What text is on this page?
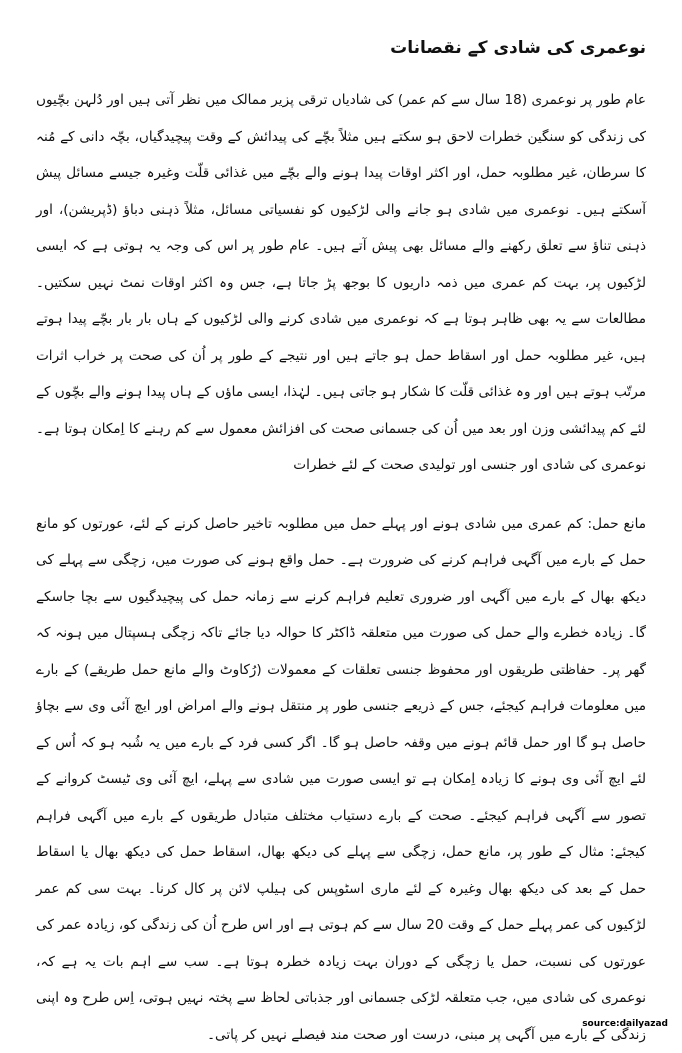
نوعمری کی شادی کے نقصانات

عام طور پر نوعمری (18 سال سے کم عمر) کی شادیاں ترقی پزیر ممالک میں نظر آتی ہیں اور دُلہن بچّیوں کی زندگی کو سنگین خطرات لاحق ہو سکتے ہیں مثلاً بچّے کی پیدائش کے وقت پیچیدگیاں، بچّہ دانی کے مُنہ کا سرطان، غیر مطلوبہ حمل، اور اکثر اوقات پیدا ہونے والے بچّے میں غذائی قلّت وغیرہ جیسے مسائل پیش آسکتے ہیں۔ نوعمری میں شادی ہو جانے والی لڑکیوں کو نفسیاتی مسائل، مثلاً ذہنی دباؤ (ڈپریشن)، اور ذہنی تناؤ سے تعلق رکھنے والے مسائل بھی پیش آتے ہیں۔ عام طور پر اس کی وجہ یہ ہوتی ہے کہ ایسی لڑکیوں پر، بہت کم عمری میں ذمہ داریوں کا بوجھ پڑ جاتا ہے، جس وہ اکثر اوقات نمٹ نہیں سکتیں۔ مطالعات سے یہ بھی ظاہر ہوتا ہے کہ نوعمری میں شادی کرنے والی لڑکیوں کے ہاں بار بار بچّے پیدا ہوتے ہیں، غیر مطلوبہ حمل اور اسقاط حمل ہو جاتے ہیں اور نتیجے کے طور پر اُن کی صحت پر خراب اثرات مرتّب ہوتے ہیں اور وہ غذائی قلّت کا شکار ہو جاتی ہیں۔ لہٰذا، ایسی ماؤں کے ہاں پیدا ہونے والے بچّوں کے لئے کم پیدائشی وزن اور بعد میں اُن کی جسمانی صحت کی افزائش معمول سے کم رہنے کا اِمکان ہوتا ہے۔ نوعمری کی شادی اور جنسی اور تولیدی صحت کے لئے خطرات

مانع حمل: کم عمری میں شادی ہونے اور پہلے حمل میں مطلوبہ تاخیر حاصل کرنے کے لئے، عورتوں کو مانع حمل کے بارے میں آگہی فراہم کرنے کی ضرورت ہے۔ حمل واقع ہونے کی صورت میں، زچگی سے پہلے کی دیکھ بھال کے بارے میں آگہی اور ضروری تعلیم فراہم کرنے سے زمانہ حمل کی پیچیدگیوں سے بچا جاسکے گا۔ زیادہ خطرے والے حمل کی صورت میں متعلقہ ڈاکٹر کا حوالہ دیا جائے تاکہ زچگی ہسپتال میں ہونہ کہ گھر پر۔ حفاظتی طریقوں اور محفوظ جنسی تعلقات کے معمولات (رُکاوٹ والے مانع حمل طریقے) کے بارے میں معلومات فراہم کیجئے، جس کے ذریعے جنسی طور پر منتقل ہونے والے امراض اور ایچ آئی وی سے بچاؤ حاصل ہو گا اور حمل قائم ہونے میں وقفہ حاصل ہو گا۔ اگر کسی فرد کے بارے میں یہ شُبہ ہو کہ اُس کے لئے ایچ آئی وی ہونے کا زیادہ اِمکان ہے تو ایسی صورت میں شادی سے پہلے، ایچ آئی وی ٹیسٹ کروانے کے تصور سے آگہی فراہم کیجئے۔ صحت کے بارے دستیاب مختلف متبادل طریقوں کے بارے میں آگہی فراہم کیجئے: مثال کے طور پر، مانع حمل، زچگی سے پہلے کی دیکھ بھال، اسقاط حمل کی دیکھ بھال یا اسقاط حمل کے بعد کی دیکھ بھال وغیرہ کے لئے ماری اسٹوپس کی ہیلپ لائن پر کال کرنا۔ بہت سی کم عمر لڑکیوں کی عمر پہلے حمل کے وقت 20 سال سے کم ہوتی ہے اور اس طرح اُن کی زندگی کو، زیادہ عمر کی عورتوں کی نسبت، حمل یا زچگی کے دوران بہت زیادہ خطرہ ہوتا ہے۔ سب سے اہم بات یہ ہے کہ، نوعمری کی شادی میں، جب متعلقہ لڑکی جسمانی اور جذباتی لحاظ سے پختہ نہیں ہوتی، اِس طرح وہ اپنی زندگی کے بارے میں آگہی پر مبنی، درست اور صحت مند فیصلے نہیں کر پاتی۔

source:dailyazad
